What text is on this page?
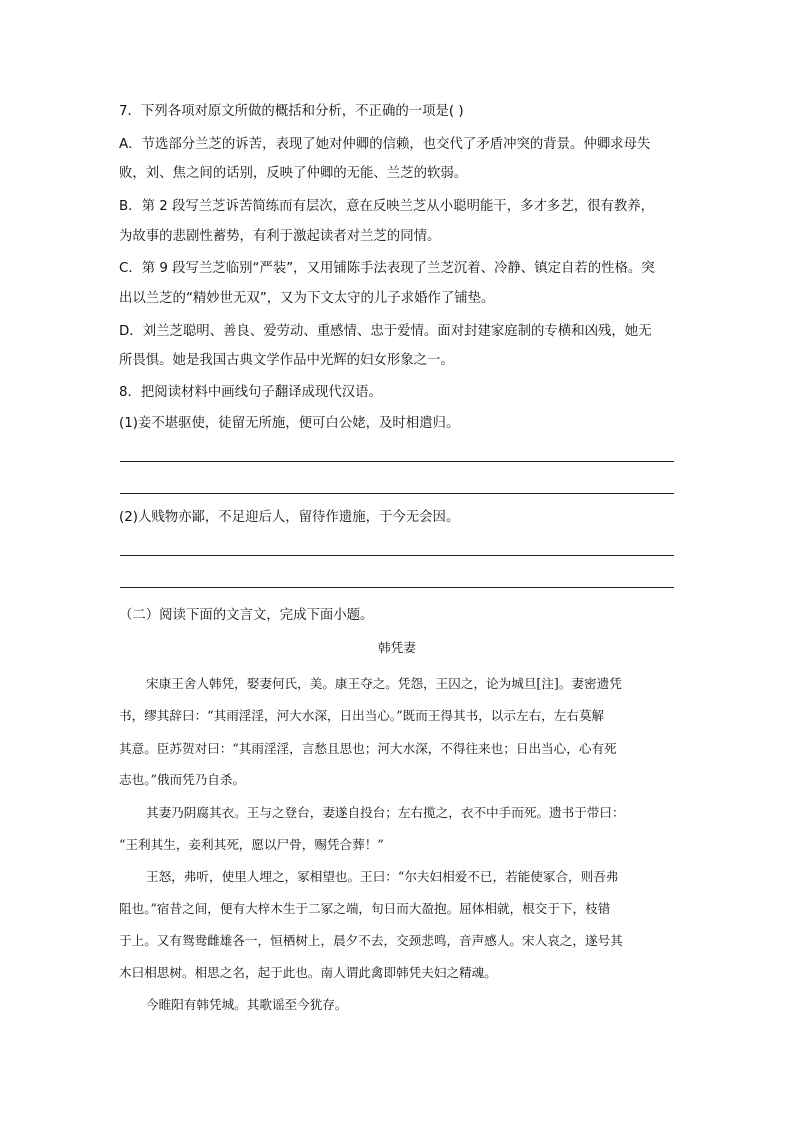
7．下列各项对原文所做的概括和分析，不正确的一项是( )
A．节选部分兰芝的诉苦，表现了她对仲卿的信赖，也交代了矛盾冲突的背景。仲卿求母失
败，刘、焦之间的话别，反映了仲卿的无能、兰芝的软弱。
B．第 2 段写兰芝诉苦简练而有层次，意在反映兰芝从小聪明能干，多才多艺，很有教养，
为故事的悲剧性蓄势，有利于激起读者对兰芝的同情。
C．第 9 段写兰芝临别“严装”，又用铺陈手法表现了兰芝沉着、冷静、镇定自若的性格。突
出以兰芝的“精妙世无双”，又为下文太守的儿子求婚作了铺垫。
D．刘兰芝聪明、善良、爱劳动、重感情、忠于爱情。面对封建家庭制的专横和凶残，她无
所畏惧。她是我国古典文学作品中光辉的妇女形象之一。
8．把阅读材料中画线句子翻译成现代汉语。
(1)妾不堪驱使，徒留无所施，便可白公姥，及时相遣归。
(2)人贱物亦鄙，不足迎后人，留待作遗施，于今无会因。
（二）阅读下面的文言文，完成下面小题。
韩凭妻
宋康王舍人韩凭，娶妻何氏，美。康王夺之。凭怨，王囚之，论为城旦[注]。妻密遗凭
书，缪其辞曰：“其雨淫淫，河大水深，日出当心。”既而王得其书，以示左右，左右莫解
其意。臣苏贺对曰：“其雨淫淫，言愁且思也；河大水深，不得往来也；日出当心，心有死
志也。”俄而凭乃自杀。
其妻乃阴腐其衣。王与之登台，妻遂自投台；左右揽之，衣不中手而死。遗书于带曰：
“王利其生，妾利其死，愿以尸骨，赐凭合葬！”
王怒，弗听，使里人埋之，冢相望也。王曰：“尔夫妇相爱不已，若能使冢合，则吾弗
阻也。”宿昔之间，便有大梓木生于二冢之端，旬日而大盈抱。屈体相就，根交于下，枝错
于上。又有鸳鸯雌雄各一，恒栖树上，晨夕不去，交颈悲鸣，音声感人。宋人哀之，遂号其
木曰相思树。相思之名，起于此也。南人谓此禽即韩凭夫妇之精魂。
今睢阳有韩凭城。其歌谣至今犹存。
